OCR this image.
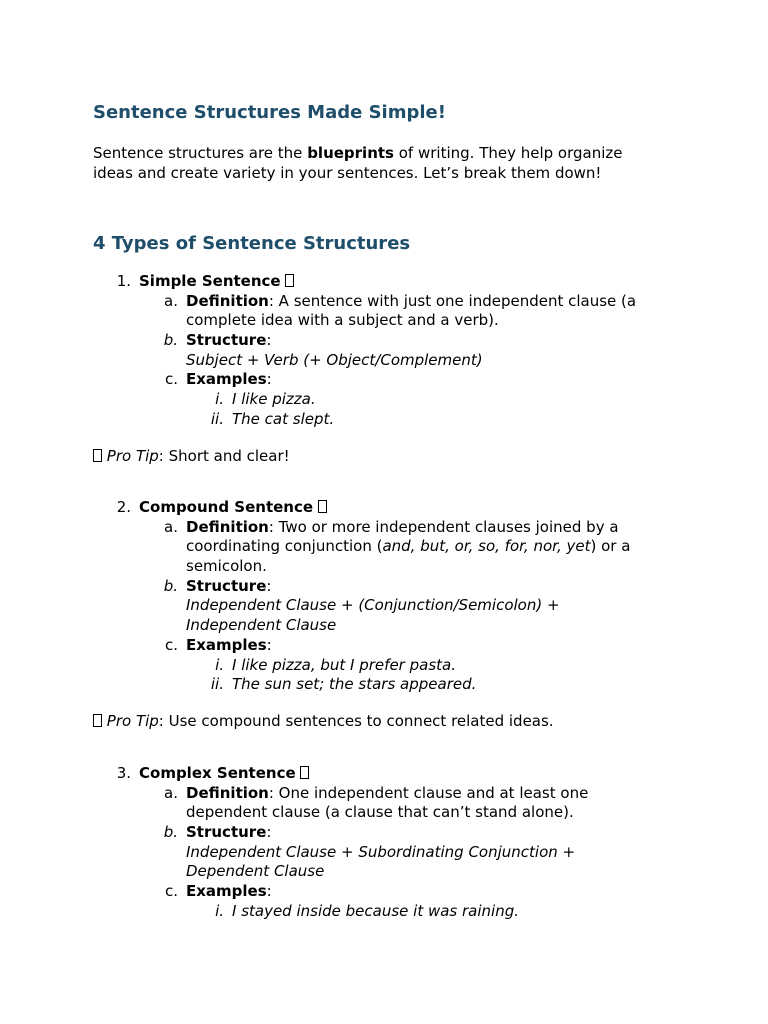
Sentence Structures Made Simple!

Sentence structures are the blueprints of writing. They help organize
ideas and create variety in your sentences. Let’s break them down!

4 Types of Sentence Structures
1. Simple Sentence
a. Definition: A sentence with just one independent clause (a
complete idea with a subject and a verb).
b. Structure:
Subject + Verb (+ Object/Complement)
c. Examples:
i. I like pizza.
ii. The cat slept.
Pro Tip: Short and clear!
2. Compound Sentence
a. Definition: Two or more independent clauses joined by a
coordinating conjunction (and, but, or, so, for, nor, yet) or a
semicolon.
b. Structure:
Independent Clause + (Conjunction/Semicolon) +
Independent Clause
c. Examples:
i. I like pizza, but I prefer pasta.
ii. The sun set; the stars appeared.
Pro Tip: Use compound sentences to connect related ideas.
3. Complex Sentence
a. Definition: One independent clause and at least one
dependent clause (a clause that can’t stand alone).
b. Structure:
Independent Clause + Subordinating Conjunction +
Dependent Clause
c. Examples:
i. I stayed inside because it was raining.
